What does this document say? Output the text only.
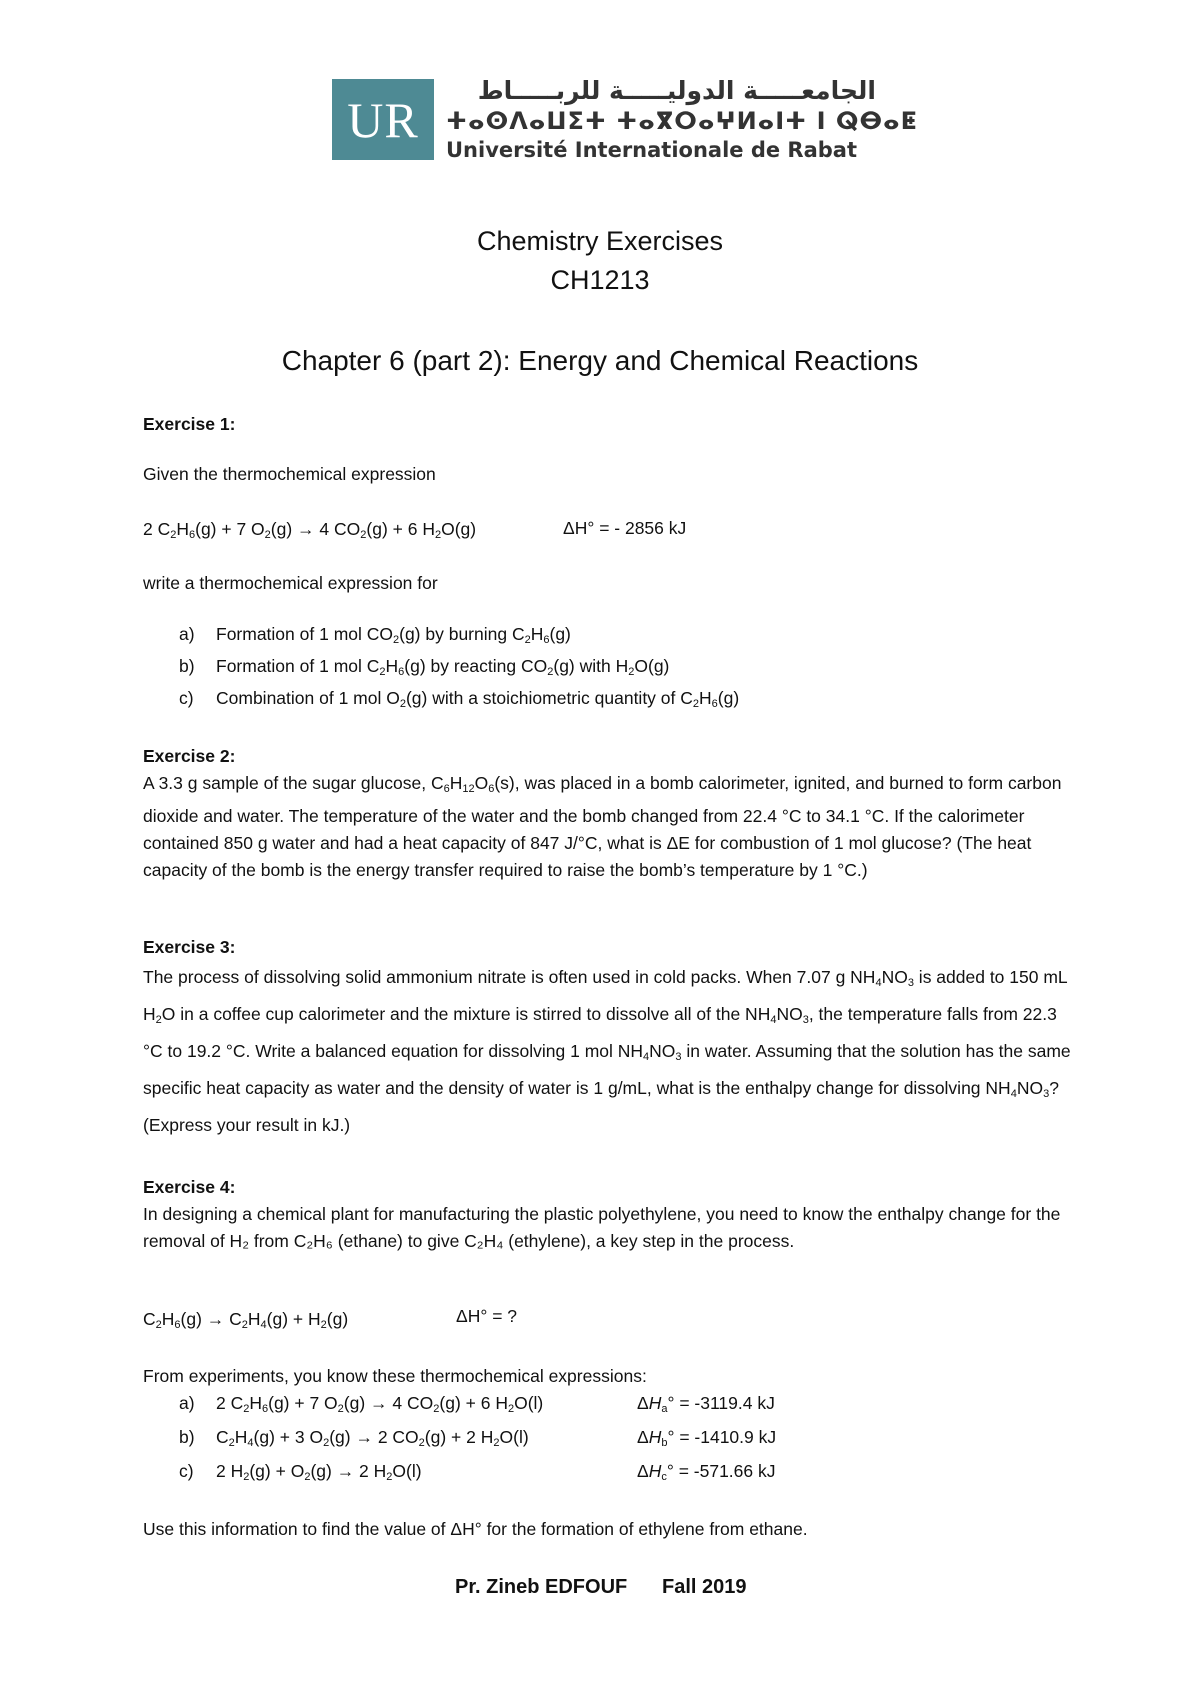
UR
الجامعـــــة الدوليـــــة للربـــــاط
ⵜⴰⵙⴷⴰⵡⵉⵜ ⵜⴰⴳⵔⴰⵖⵍⴰⵏⵜ ⵏ ⵕⴱⴰⵟ
Université Internationale de Rabat
Chemistry Exercises
CH1213
Chapter 6 (part 2): Energy and Chemical Reactions
Exercise 1:
Given the thermochemical expression
2 $C_2H_6(g) + 7$ $O_2(g) \to 4$ $CO_2(g) + 6$ $H_2O(g)$	ΔH° = - 2856 kJ
write a thermochemical expression for
a) Formation of 1 mol $CO_2(g)$ by burning $C_2H_6(g)$
b) Formation of 1 mol $C_2H_6(g)$ by reacting $CO_2(g)$ with $H_2O(g)$
c) Combination of 1 mol $O_2(g)$ with a stoichiometric quantity of $C_2H_6(g)$
Exercise 2:

A 3.3 g sample of the sugar glucose, $C_6H_{12}O_6(s)$, was placed in a bomb calorimeter, ignited, and burned to form carbon dioxide and water. The temperature of the water and the bomb changed from 22.4 °C to 34.1 °C. If the calorimeter contained 850 g water and had a heat capacity of 847 J/°C, what is ΔE for combustion of 1 mol glucose? (The heat capacity of the bomb is the energy transfer required to raise the bomb’s temperature by 1 °C.)

Exercise 3:

The process of dissolving solid ammonium nitrate is often used in cold packs. When 7.07 g $NH_4NO_3$ is added to 150 mL $H_2O$ in a coffee cup calorimeter and the mixture is stirred to dissolve all of the $NH_4NO_3$, the temperature falls from 22.3 °C to 19.2 °C. Write a balanced equation for dissolving 1 mol $NH_4NO_3$ in water. Assuming that the solution has the same specific heat capacity as water and the density of water is 1 g/mL, what is the enthalpy change for dissolving $NH_4NO_3$? (Express your result in kJ.)

Exercise 4:

In designing a chemical plant for manufacturing the plastic polyethylene, you need to know the enthalpy change for the removal of H₂ from C₂H₆ (ethane) to give C₂H₄ (ethylene), a key step in the process.

$C_2H_6(g) \to C_2H_4(g) + H_2(g)$	ΔH° = ?
From experiments, you know these thermochemical expressions:
a) 2 $C_2H_6(g) + 7$ $O_2(g) \to 4$ $CO_2(g) + 6$ $H_2O(l)$	$\Delta H_a^\circ = -3119.4$ kJ
b) $C_2H_4(g) + 3$ $O_2(g) \to 2$ $CO_2(g) + 2$ $H_2O(l)$	$\Delta H_b^\circ = -1410.9$ kJ
c) 2 $H_2(g) + O_2(g) \to 2$ $H_2O(l)$	$\Delta H_c^\circ = -571.66$ kJ
Use this information to find the value of ΔH° for the formation of ethylene from ethane.
Pr. Zineb EDFOUF Fall 2019
